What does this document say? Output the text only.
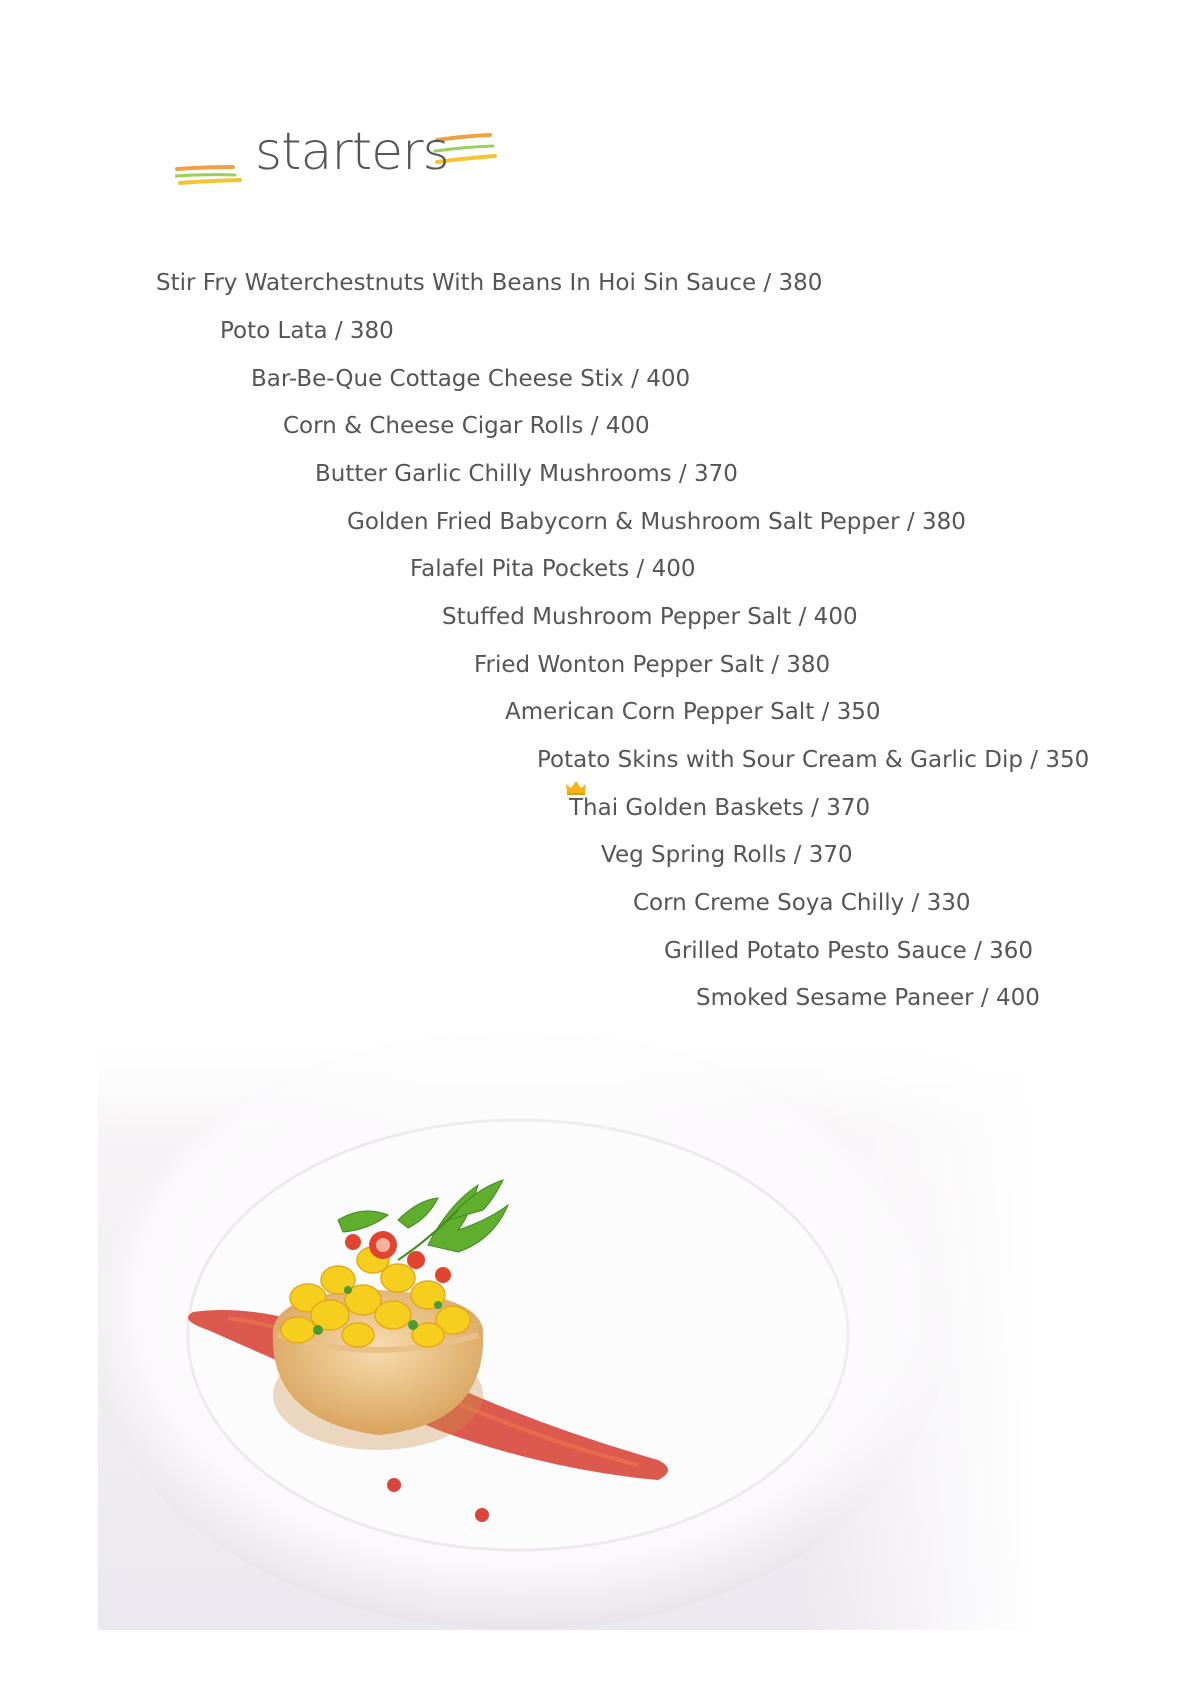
starters
Stir Fry Waterchestnuts With Beans In Hoi Sin Sauce / 380
Poto Lata / 380
Bar-Be-Que Cottage Cheese Stix / 400
Corn & Cheese Cigar Rolls / 400
Butter Garlic Chilly Mushrooms / 370
Golden Fried Babycorn & Mushroom Salt Pepper / 380
Falafel Pita Pockets / 400
Stuffed Mushroom Pepper Salt / 400
Fried Wonton Pepper Salt / 380
American Corn Pepper Salt / 350
Potato Skins with Sour Cream & Garlic Dip / 350
Thai Golden Baskets / 370
Veg Spring Rolls / 370
Corn Creme Soya Chilly / 330
Grilled Potato Pesto Sauce / 360
Smoked Sesame Paneer / 400
